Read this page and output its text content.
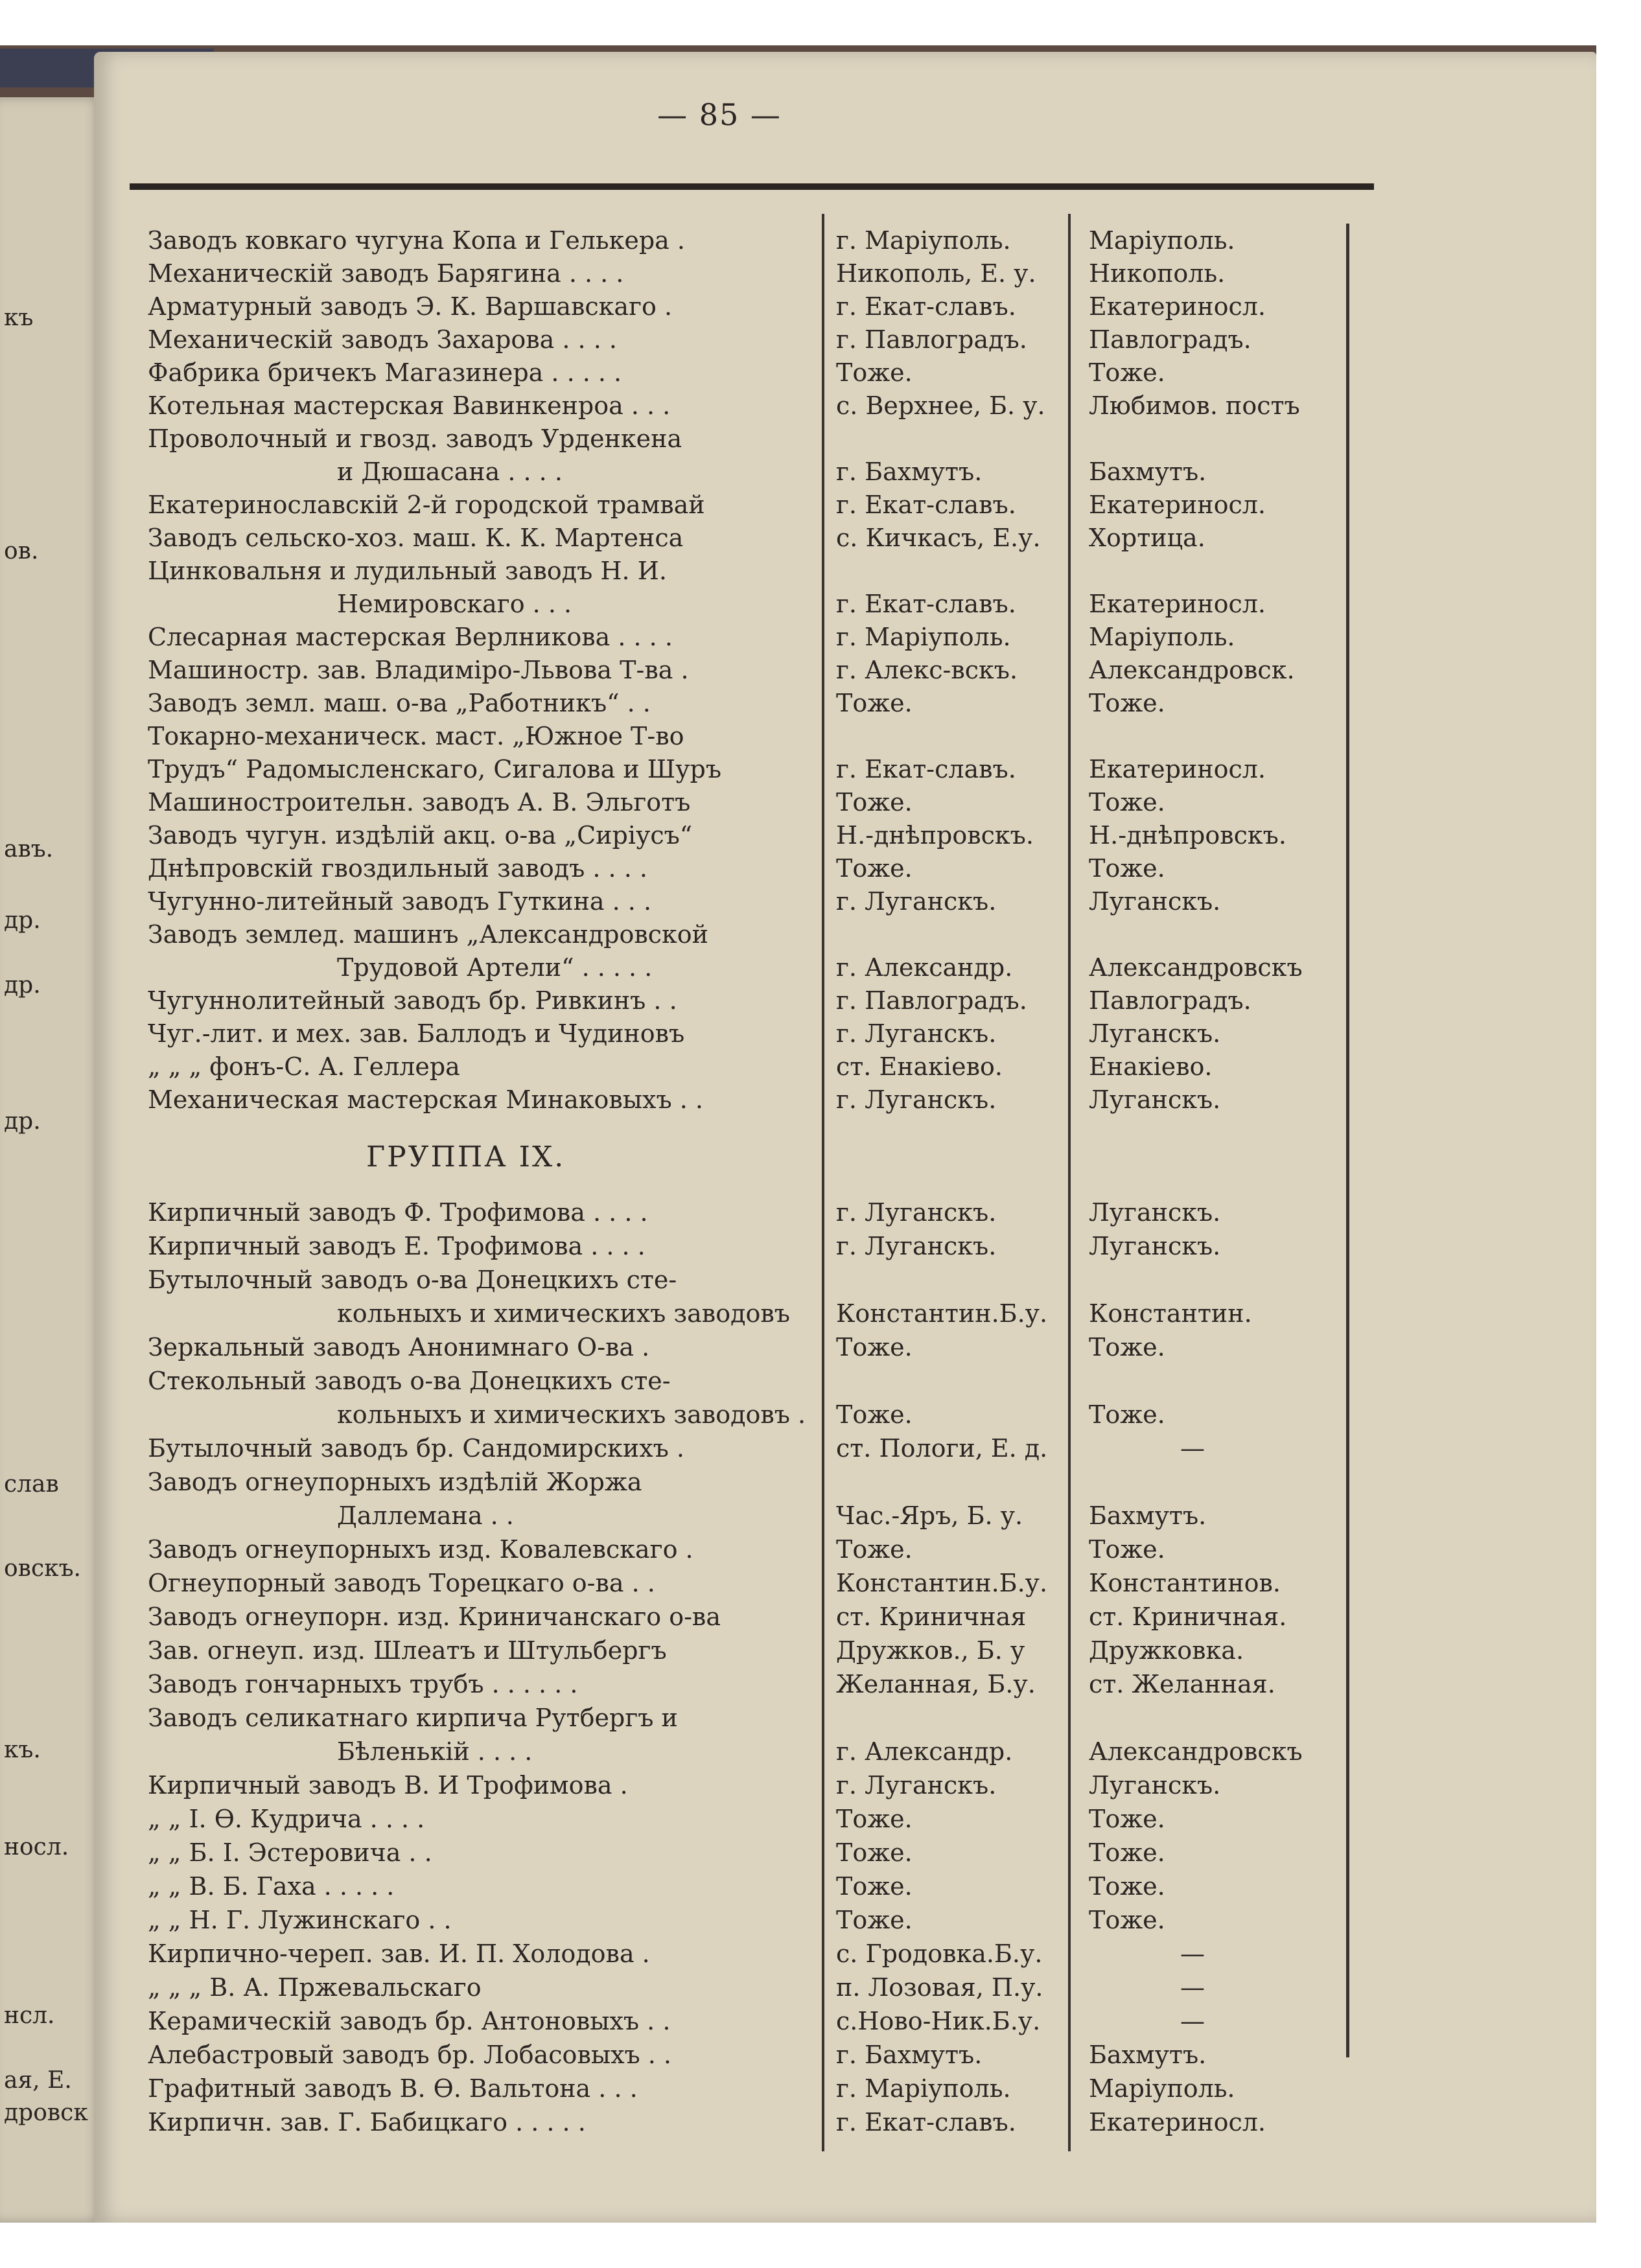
къ
ов.
авъ.
др.
др.
др.
слав
овскъ.
къ.
носл.
нсл.
ая, Е.
дровск
— 85 —
ГРУППА IX.
Заводъ ковкаго чугуна Копа и Гелькера .	г. Маріуполь.	Маріуполь.
Механическій заводъ Барягина . . . .	Никополь, Е. у.	Никополь.
Арматурный заводъ Э. К. Варшавскаго .	г. Екат-славъ.	Екатериносл.
Механическій заводъ Захарова . . . .	г. Павлоградъ.	Павлоградъ.
Фабрика бричекъ Магазинера . . . . .	Тоже.	Тоже.
Котельная мастерская Вавинкенроа . . .	с. Верхнее, Б. у.	Любимов. постъ
Проволочный и гвозд. заводъ Урденкена
и Дюшасана . . . .	г. Бахмутъ.	Бахмутъ.
Екатеринославскій 2-й городской трамвай	г. Екат-славъ.	Екатериносл.
Заводъ сельско-хоз. маш. К. К. Мартенса	с. Кичкасъ, Е.у.	Хортица.
Цинковальня и лудильный заводъ Н. И.
Немировскаго . . .	г. Екат-славъ.	Екатериносл.
Слесарная мастерская Верлникова . . . .	г. Маріуполь.	Маріуполь.
Машиностр. зав. Владиміро-Львова Т-ва .	г. Алекс-вскъ.	Александровск.
Заводъ земл. маш. о-ва „Работникъ“ . .	Тоже.	Тоже.
Токарно-механическ. маст. „Южное Т-во
Трудъ“ Радомысленскаго, Сигалова и Шуръ	г. Екат-славъ.	Екатериносл.
Машиностроительн. заводъ А. В. Эльготъ	Тоже.	Тоже.
Заводъ чугун. издѣлій акц. о-ва „Сиріусъ“	Н.-днѣпровскъ.	Н.-днѣпровскъ.
Днѣпровскій гвоздильный заводъ . . . .	Тоже.	Тоже.
Чугунно-литейный заводъ Гуткина . . .	г. Луганскъ.	Луганскъ.
Заводъ землед. машинъ „Александровской
Трудовой Артели“ . . . . .	г. Александр.	Александровскъ
Чугуннолитейный заводъ бр. Ривкинъ . .	г. Павлоградъ.	Павлоградъ.
Чуг.-лит. и мех. зав. Баллодъ и Чудиновъ	г. Луганскъ.	Луганскъ.
„ „ „ фонъ-С. А. Геллера	ст. Енакіево.	Енакіево.
Механическая мастерская Минаковыхъ . .	г. Луганскъ.	Луганскъ.
Кирпичный заводъ Ф. Трофимова . . . .	г. Луганскъ.	Луганскъ.
Кирпичный заводъ Е. Трофимова . . . .	г. Луганскъ.	Луганскъ.
Бутылочный заводъ о-ва Донецкихъ сте-
кольныхъ и химическихъ заводовъ	Константин.Б.у.	Константин.
Зеркальный заводъ Анонимнаго О-ва .	Тоже.	Тоже.
Стекольный заводъ о-ва Донецкихъ сте-
кольныхъ и химическихъ заводовъ .	Тоже.	Тоже.
Бутылочный заводъ бр. Сандомирскихъ .	ст. Пологи, Е. д.	—
Заводъ огнеупорныхъ издѣлій Жоржа
Даллемана . .	Час.-Яръ, Б. у.	Бахмутъ.
Заводъ огнеупорныхъ изд. Ковалевскаго .	Тоже.	Тоже.
Огнеупорный заводъ Торецкаго о-ва . .	Константин.Б.у.	Константинов.
Заводъ огнеупорн. изд. Криничанскаго о-ва	ст. Криничная	ст. Криничная.
Зав. огнеуп. изд. Шлеатъ и Штульбергъ	Дружков., Б. у	Дружковка.
Заводъ гончарныхъ трубъ . . . . . .	Желанная, Б.у.	ст. Желанная.
Заводъ селикатнаго кирпича Рутбергъ и
Бѣленькій . . . .	г. Александр.	Александровскъ
Кирпичный заводъ В. И Трофимова .	г. Луганскъ.	Луганскъ.
„ „ І. Ѳ. Кудрича . . . .	Тоже.	Тоже.
„ „ Б. І. Эстеровича . .	Тоже.	Тоже.
„ „ В. Б. Гаха . . . . .	Тоже.	Тоже.
„ „ Н. Г. Лужинскаго . .	Тоже.	Тоже.
Кирпично-череп. зав. И. П. Холодова .	с. Гродовка.Б.у.	—
„ „ „ В. А. Пржевальскаго	п. Лозовая, П.у.	—
Керамическій заводъ бр. Антоновыхъ . .	с.Ново-Ник.Б.у.	—
Алебастровый заводъ бр. Лобасовыхъ . .	г. Бахмутъ.	Бахмутъ.
Графитный заводъ В. Ѳ. Вальтона . . .	г. Маріуполь.	Маріуполь.
Кирпичн. зав. Г. Бабицкаго . . . . .	г. Екат-славъ.	Екатериносл.
